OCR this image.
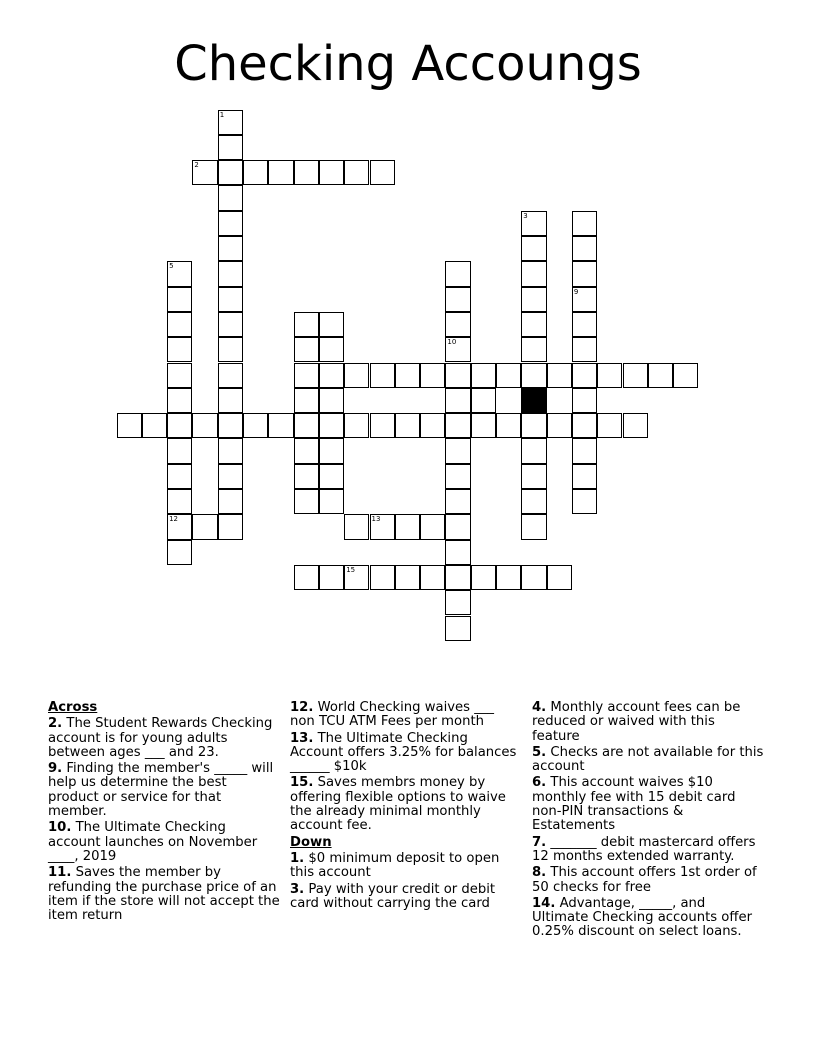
Checking Accoungs
1
2
3
5
9
10
12	13
15
Across
2. The Student Rewards Checking account is for young adults between ages ___ and 23.
9. Finding the member's _____ will help us determine the best product or service for that member.
10. The Ultimate Checking account launches on November ____, 2019
11. Saves the member by refunding the purchase price of an item if the store will not accept the item return
12. World Checking waives ___ non TCU ATM Fees per month
13. The Ultimate Checking Account offers 3.25% for balances ______ $10k
15. Saves membrs money by offering flexible options to waive the already minimal monthly account fee.
Down
1. $0 minimum deposit to open this account
3. Pay with your credit or debit card without carrying the card
4. Monthly account fees can be reduced or waived with this feature
5. Checks are not available for this account
6. This account waives $10 monthly fee with 15 debit card non-PIN transactions & Estatements
7. _______ debit mastercard offers 12 months extended warranty.
8. This account offers 1st order of 50 checks for free
14. Advantage, _____, and Ultimate Checking accounts offer 0.25% discount on select loans.
